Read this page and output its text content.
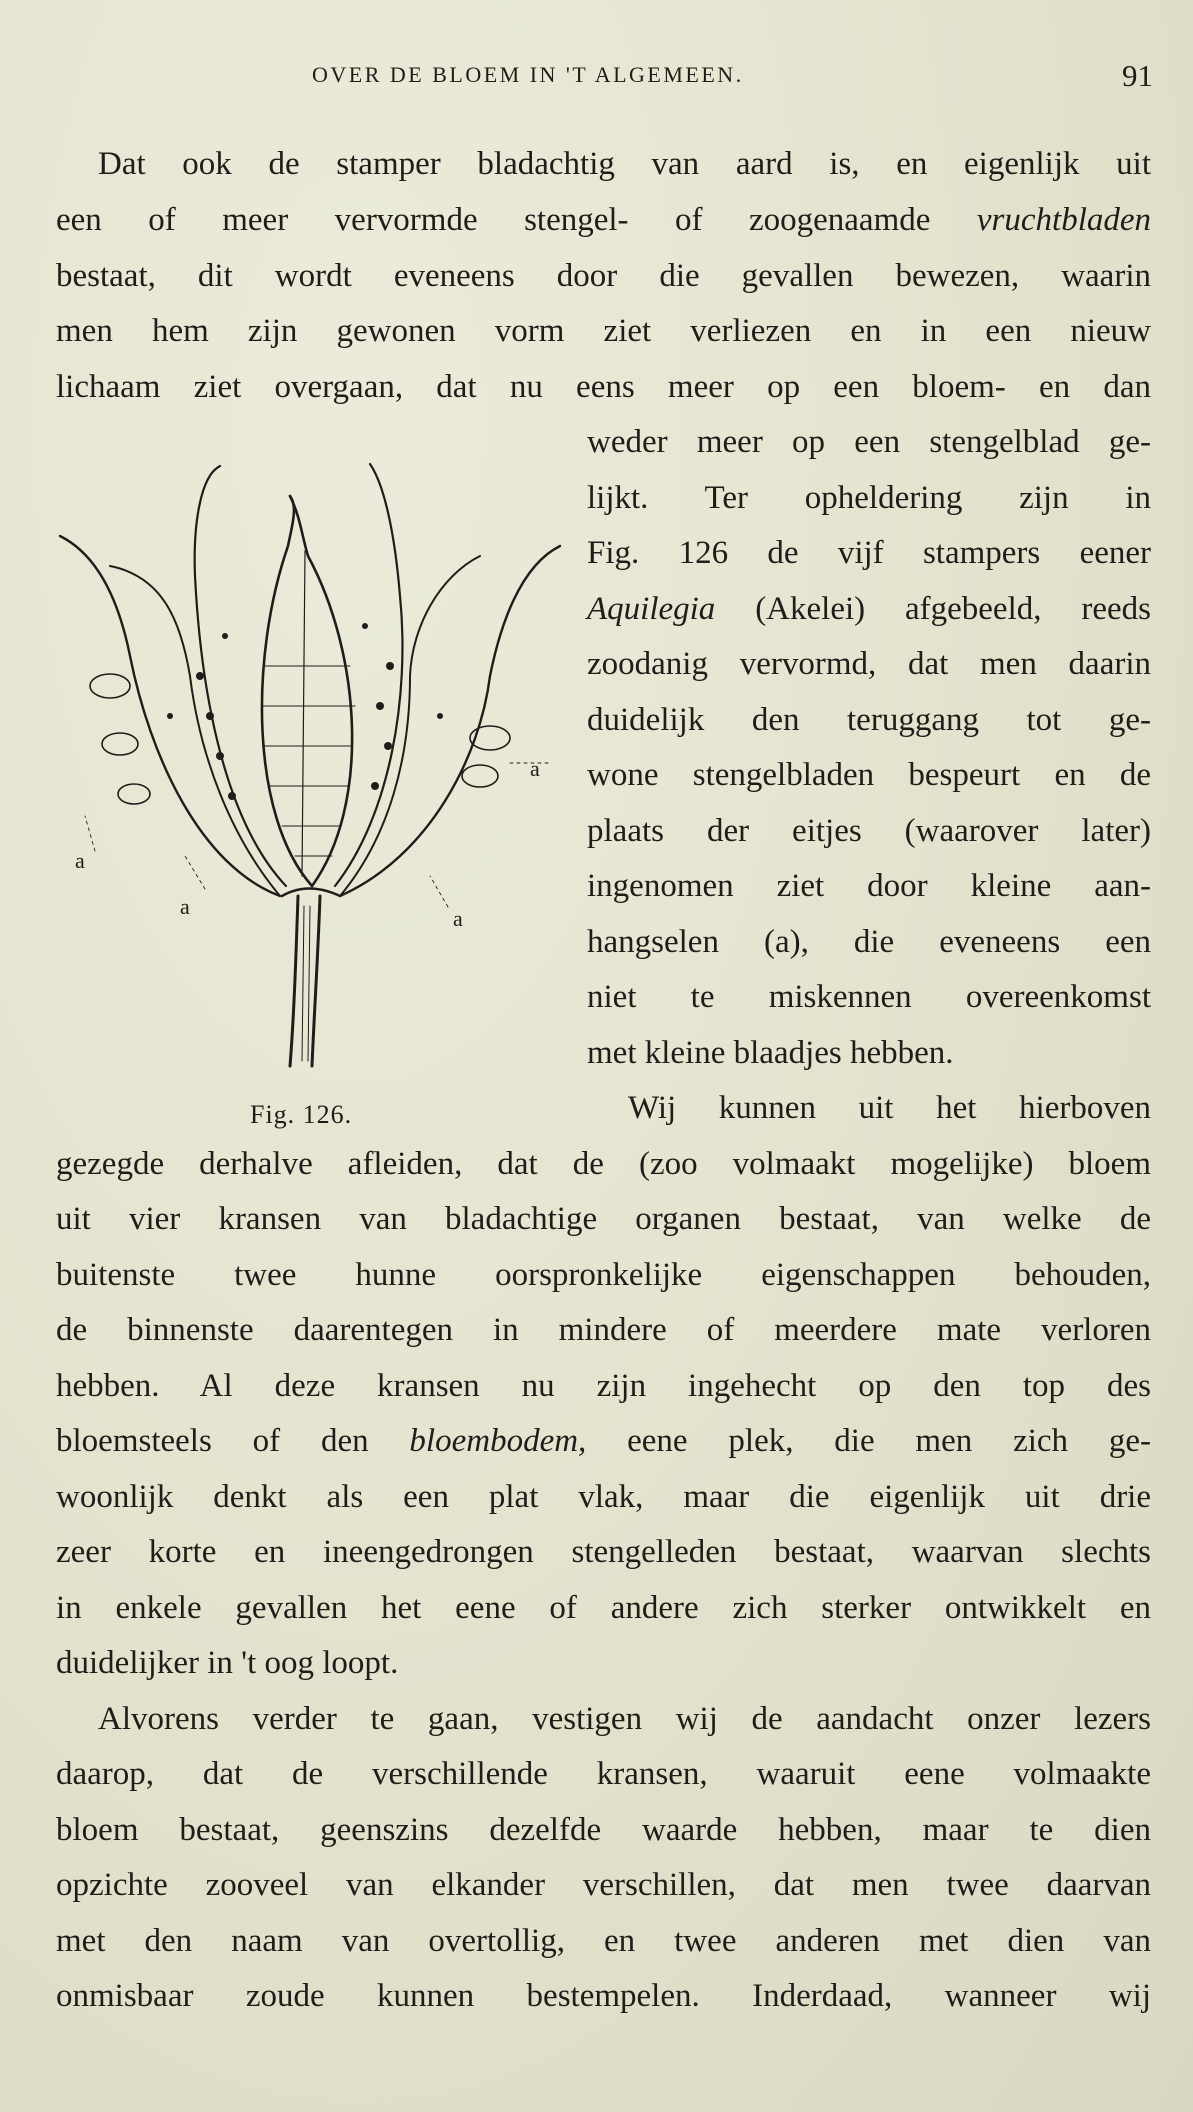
OVER DE BLOEM IN 'T ALGEMEEN.	91
Dat ook de stamper bladachtig van aard is, en eigenlijk uit
een of meer vervormde stengel- of zoogenaamde vruchtbladen
bestaat, dit wordt eveneens door die gevallen bewezen, waarin
men hem zijn gewonen vorm ziet verliezen en in een nieuw
lichaam ziet overgaan, dat nu eens meer op een bloem- en dan
weder meer op een stengelblad ge-
lijkt. Ter opheldering zijn in
Fig. 126 de vijf stampers eener
Aquilegia (Akelei) afgebeeld, reeds
zoodanig vervormd, dat men daarin
duidelijk den teruggang tot ge-
wone stengelbladen bespeurt en de
plaats der eitjes (waarover later)
ingenomen ziet door kleine aan-
hangselen (a), die eveneens een
niet te miskennen overeenkomst
met kleine blaadjes hebben.
Wij kunnen uit het hierboven
gezegde derhalve afleiden, dat de (zoo volmaakt mogelijke) bloem
uit vier kransen van bladachtige organen bestaat, van welke de
buitenste twee hunne oorspronkelijke eigenschappen behouden,
de binnenste daarentegen in mindere of meerdere mate verloren
hebben. Al deze kransen nu zijn ingehecht op den top des
bloemsteels of den bloembodem, eene plek, die men zich ge-
woonlijk denkt als een plat vlak, maar die eigenlijk uit drie
zeer korte en ineengedrongen stengelleden bestaat, waarvan slechts
in enkele gevallen het eene of andere zich sterker ontwikkelt en
duidelijker in 't oog loopt.
Alvorens verder te gaan, vestigen wij de aandacht onzer lezers
daarop, dat de verschillende kransen, waaruit eene volmaakte
bloem bestaat, geenszins dezelfde waarde hebben, maar te dien
opzichte zooveel van elkander verschillen, dat men twee daarvan
met den naam van overtollig, en twee anderen met dien van
onmisbaar zoude kunnen bestempelen. Inderdaad, wanneer wij
a
a	a
a
Fig. 126.
